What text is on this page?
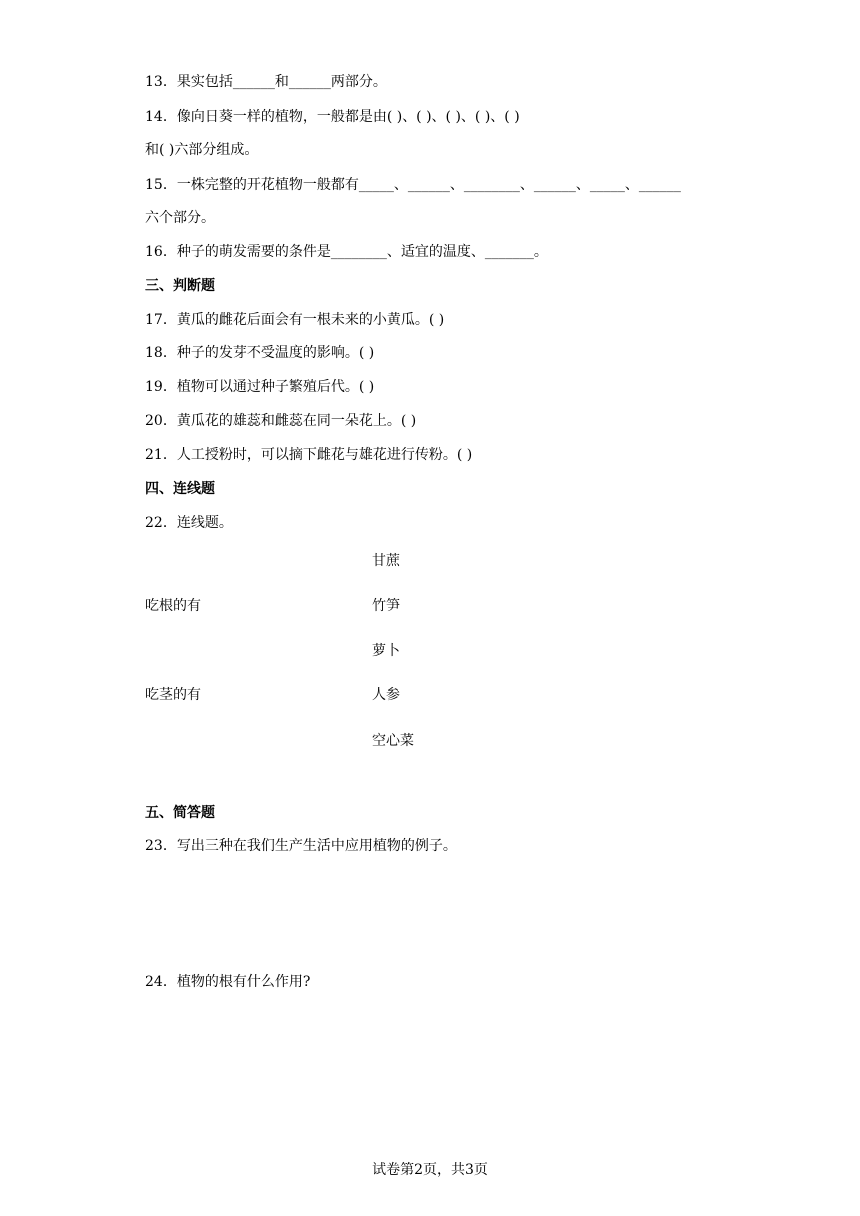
13．果实包括______和______两部分。
14．像向日葵一样的植物，一般都是由( )、( )、( )、( )、( )
和( )六部分组成。
15．一株完整的开花植物一般都有_____、______、________、______、_____、______
六个部分。
16．种子的萌发需要的条件是________、适宜的温度、_______。
三、判断题
17．黄瓜的雌花后面会有一根未来的小黄瓜。( )
18．种子的发芽不受温度的影响。( )
19．植物可以通过种子繁殖后代。( )
20．黄瓜花的雄蕊和雌蕊在同一朵花上。( )
21．人工授粉时，可以摘下雌花与雄花进行传粉。( )
四、连线题
22．连线题。
吃根的有
吃茎的有
甘蔗
竹笋
萝卜
人参
空心菜
五、简答题
23．写出三种在我们生产生活中应用植物的例子。
24．植物的根有什么作用?
试卷第2页，共3页
